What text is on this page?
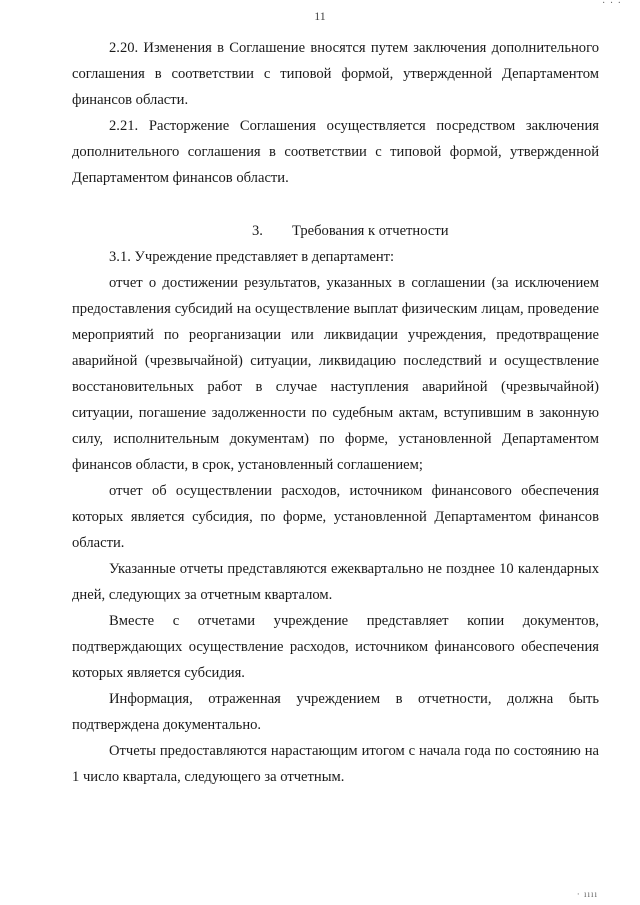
11
· · ·

2.20. Изменения в Соглашение вносятся путем заключения дополнительного соглашения в соответствии с типовой формой, утвержденной Департаментом финансов области.

2.21. Расторжение Соглашения осуществляется посредством заключения дополнительного соглашения в соответствии с типовой формой, утвержденной Департаментом финансов области.

3. Требования к отчетности

3.1. Учреждение представляет в департамент:

отчет о достижении результатов, указанных в соглашении (за исключением предоставления субсидий на осуществление выплат физическим лицам, проведение мероприятий по реорганизации или ликвидации учреждения, предотвращение аварийной (чрезвычайной) ситуации, ликвидацию последствий и осуществление восстановительных работ в случае наступления аварийной (чрезвычайной) ситуации, погашение задолженности по судебным актам, вступившим в законную силу, исполнительным документам) по форме, установленной Департаментом финансов области, в срок, установленный соглашением;

отчет об осуществлении расходов, источником финансового обеспечения которых является субсидия, по форме, установленной Департаментом финансов области.

Указанные отчеты представляются ежеквартально не позднее 10 календарных дней, следующих за отчетным кварталом.

Вместе с отчетами учреждение представляет копии документов, подтверждающих осуществление расходов, источником финансового обеспечения которых является субсидия.

Информация, отраженная учреждением в отчетности, должна быть подтверждена документально.

Отчеты предоставляются нарастающим итогом с начала года по состоянию на 1 число квартала, следующего за отчетным.

· ıııı
